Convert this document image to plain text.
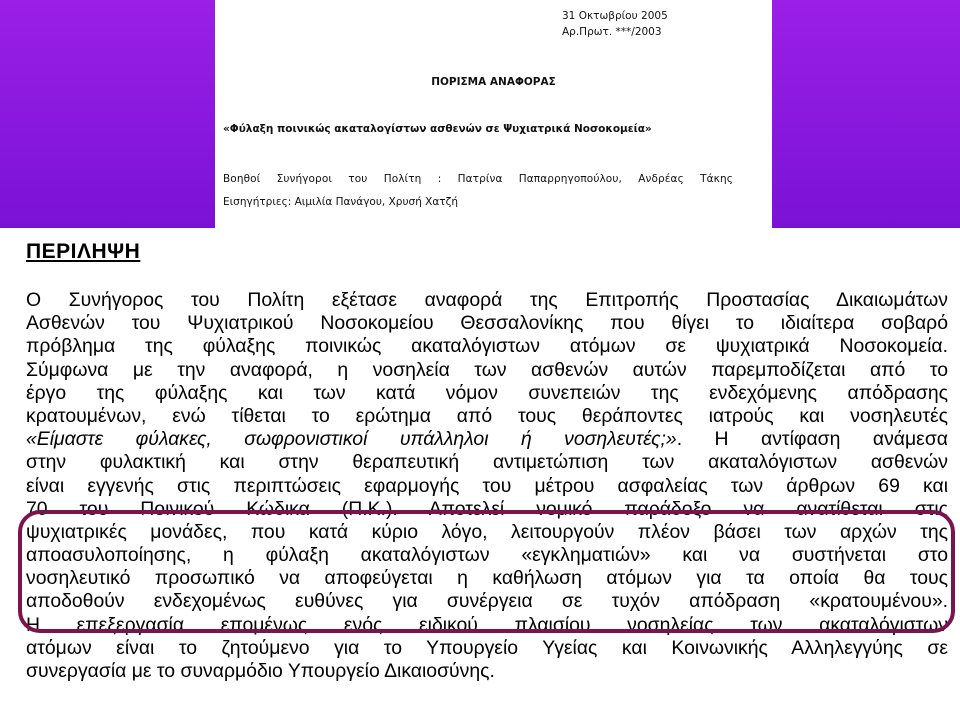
31 Οκτωβρίου 2005
Αρ.Πρωτ. ***/2003
ΠΟΡΙΣΜΑ ΑΝΑΦΟΡΑΣ
«Φύλαξη ποινικώς ακαταλογίστων ασθενών σε Ψυχιατρικά Νοσοκομεία»
Βοηθοί Συνήγοροι του Πολίτη : Πατρίνα Παπαρρηγοπούλου, Ανδρέας Τάκης
Εισηγήτριες: Αιμιλία Πανάγου, Χρυσή Χατζή
ΠΕΡΙΛΗΨΗ
Ο Συνήγορος του Πολίτη εξέτασε αναφορά της Επιτροπής Προστασίας Δικαιωμάτων
Ασθενών του Ψυχιατρικού Νοσοκομείου Θεσσαλονίκης που θίγει το ιδιαίτερα σοβαρό
πρόβλημα της φύλαξης ποινικώς ακαταλόγιστων ατόμων σε ψυχιατρικά Νοσοκομεία.
Σύμφωνα με την αναφορά, η νοσηλεία των ασθενών αυτών παρεμποδίζεται από το
έργο της φύλαξης και των κατά νόμον συνεπειών της ενδεχόμενης απόδρασης
κρατουμένων, ενώ τίθεται το ερώτημα από τους θεράποντες ιατρούς και νοσηλευτές
«Είμαστε φύλακες, σωφρονιστικοί υπάλληλοι ή νοσηλευτές;». Η αντίφαση ανάμεσα
στην φυλακτική και στην θεραπευτική αντιμετώπιση των ακαταλόγιστων ασθενών
είναι εγγενής στις περιπτώσεις εφαρμογής του μέτρου ασφαλείας των άρθρων 69 και
70 του Ποινικού Κώδικα (Π.Κ.). Αποτελεί νομικό παράδοξο να ανατίθεται στις
ψυχιατρικές μονάδες, που κατά κύριο λόγο, λειτουργούν πλέον βάσει των αρχών της
αποασυλοποίησης, η φύλαξη ακαταλόγιστων «εγκληματιών» και να συστήνεται στο
νοσηλευτικό προσωπικό να αποφεύγεται η καθήλωση ατόμων για τα οποία θα τους
αποδοθούν ενδεχομένως ευθύνες για συνέργεια σε τυχόν απόδραση «κρατουμένου».
Η επεξεργασία επομένως ενός ειδικού πλαισίου νοσηλείας των ακαταλόγιστων
ατόμων είναι το ζητούμενο για το Υπουργείο Υγείας και Κοινωνικής Αλληλεγγύης σε
συνεργασία με το συναρμόδιο Υπουργείο Δικαιοσύνης.
